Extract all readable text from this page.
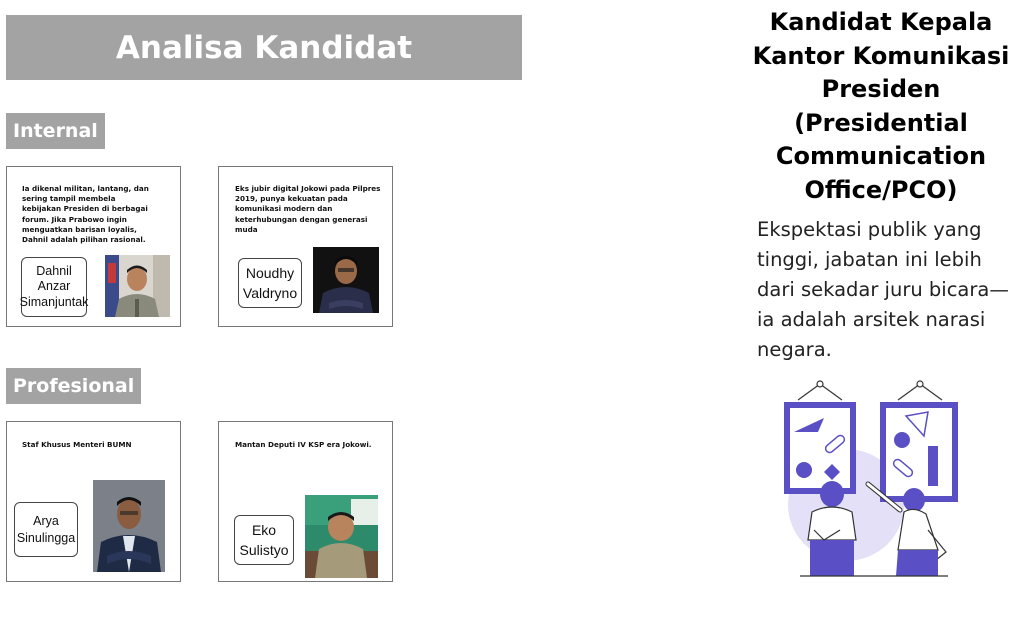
Analisa Kandidat
Internal
Ia dikenal militan, lantang, dan sering tampil membela kebijakan Presiden di berbagai forum. Jika Prabowo ingin menguatkan barisan loyalis, Dahnil adalah pilihan rasional.
Dahnil Anzar Simanjuntak
Eks jubir digital Jokowi pada Pilpres 2019, punya kekuatan pada komunikasi modern dan keterhubungan dengan generasi muda
Noudhy Valdryno
Profesional
Staf Khusus Menteri BUMN
Arya Sinulingga
Mantan Deputi IV KSP era Jokowi.
Eko Sulistyo
Kandidat Kepala Kantor Komunikasi Presiden (Presidential Communication Office/PCO)
Ekspektasi publik yang tinggi, jabatan ini lebih dari sekadar juru bicara—ia adalah arsitek narasi negara.
